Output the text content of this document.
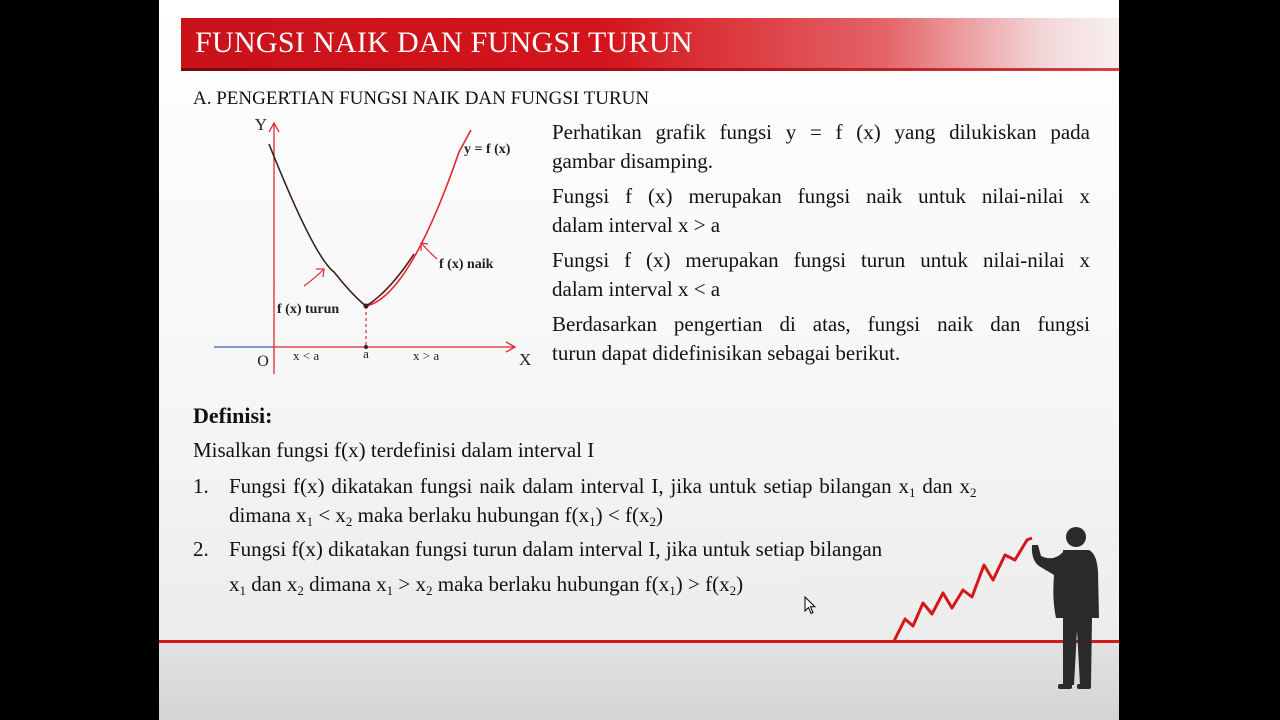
FUNGSI NAIK DAN FUNGSI TURUN
A. PENGERTIAN FUNGSI NAIK DAN FUNGSI TURUN
Y
X
O
y = f (x)
f (x) naik
f (x) turun
x < a	x > a
a
Perhatikan grafik fungsi y = f (x) yang dilukiskan pada
gambar disamping.
Fungsi f (x) merupakan fungsi naik untuk nilai-nilai x
dalam interval x > a
Fungsi f (x) merupakan fungsi turun untuk nilai-nilai x
dalam interval x < a
Berdasarkan pengertian di atas, fungsi naik dan fungsi
turun dapat didefinisikan sebagai berikut.
Definisi:
Misalkan fungsi f(x) terdefinisi dalam interval I
1. Fungsi f(x) dikatakan fungsi naik dalam interval I, jika untuk setiap bilangan $x_1$ dan $x_2$
dimana $x_1 < x_2$ maka berlaku hubungan $f(x_1) < f(x_2)$
2. Fungsi f(x) dikatakan fungsi turun dalam interval I, jika untuk setiap bilangan
$x_1$ dan $x_2$ dimana $x_1 > x_2$ maka berlaku hubungan $f(x_1) > f(x_2)$
